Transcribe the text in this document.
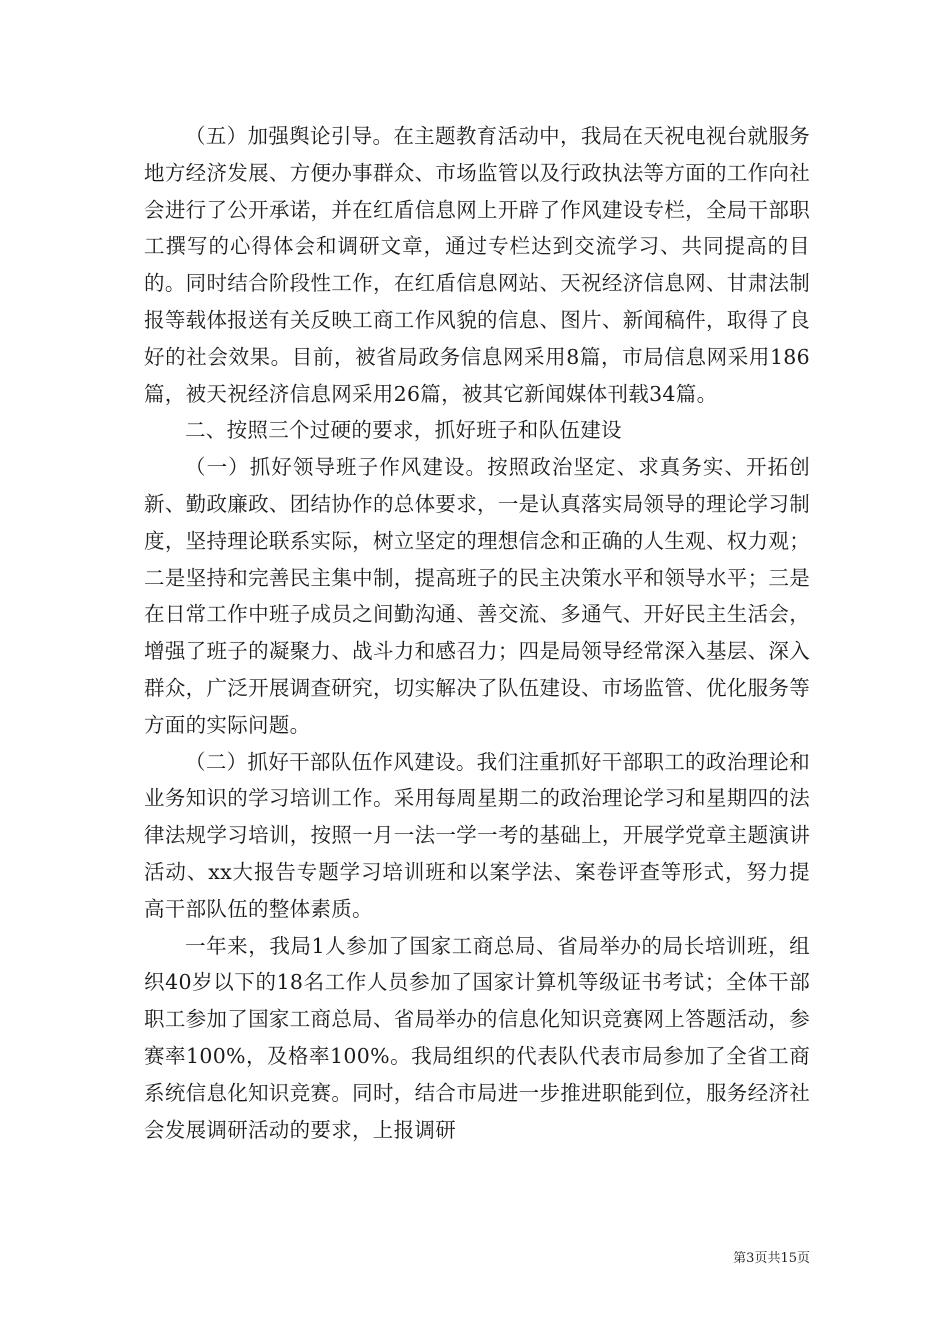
（五）加强舆论引导。在主题教育活动中，我局在天祝电视台就服务地方经济发展、方便办事群众、市场监管以及行政执法等方面的工作向社会进行了公开承诺，并在红盾信息网上开辟了作风建设专栏，全局干部职工撰写的心得体会和调研文章，通过专栏达到交流学习、共同提高的目的。同时结合阶段性工作，在红盾信息网站、天祝经济信息网、甘肃法制报等载体报送有关反映工商工作风貌的信息、图片、新闻稿件，取得了良好的社会效果。目前，被省局政务信息网采用8篇，市局信息网采用186篇，被天祝经济信息网采用26篇，被其它新闻媒体刊载34篇。

二、按照三个过硬的要求，抓好班子和队伍建设

（一）抓好领导班子作风建设。按照政治坚定、求真务实、开拓创新、勤政廉政、团结协作的总体要求，一是认真落实局领导的理论学习制度，坚持理论联系实际，树立坚定的理想信念和正确的人生观、权力观；二是坚持和完善民主集中制，提高班子的民主决策水平和领导水平；三是在日常工作中班子成员之间勤沟通、善交流、多通气、开好民主生活会，增强了班子的凝聚力、战斗力和感召力；四是局领导经常深入基层、深入群众，广泛开展调查研究，切实解决了队伍建设、市场监管、优化服务等方面的实际问题。

（二）抓好干部队伍作风建设。我们注重抓好干部职工的政治理论和业务知识的学习培训工作。采用每周星期二的政治理论学习和星期四的法律法规学习培训，按照一月一法一学一考的基础上，开展学党章主题演讲活动、xx大报告专题学习培训班和以案学法、案卷评查等形式，努力提高干部队伍的整体素质。

一年来，我局1人参加了国家工商总局、省局举办的局长培训班，组织40岁以下的18名工作人员参加了国家计算机等级证书考试；全体干部职工参加了国家工商总局、省局举办的信息化知识竞赛网上答题活动，参赛率100%，及格率100%。我局组织的代表队代表市局参加了全省工商系统信息化知识竞赛。同时，结合市局进一步推进职能到位，服务经济社会发展调研活动的要求，上报调研

第3页共15页
